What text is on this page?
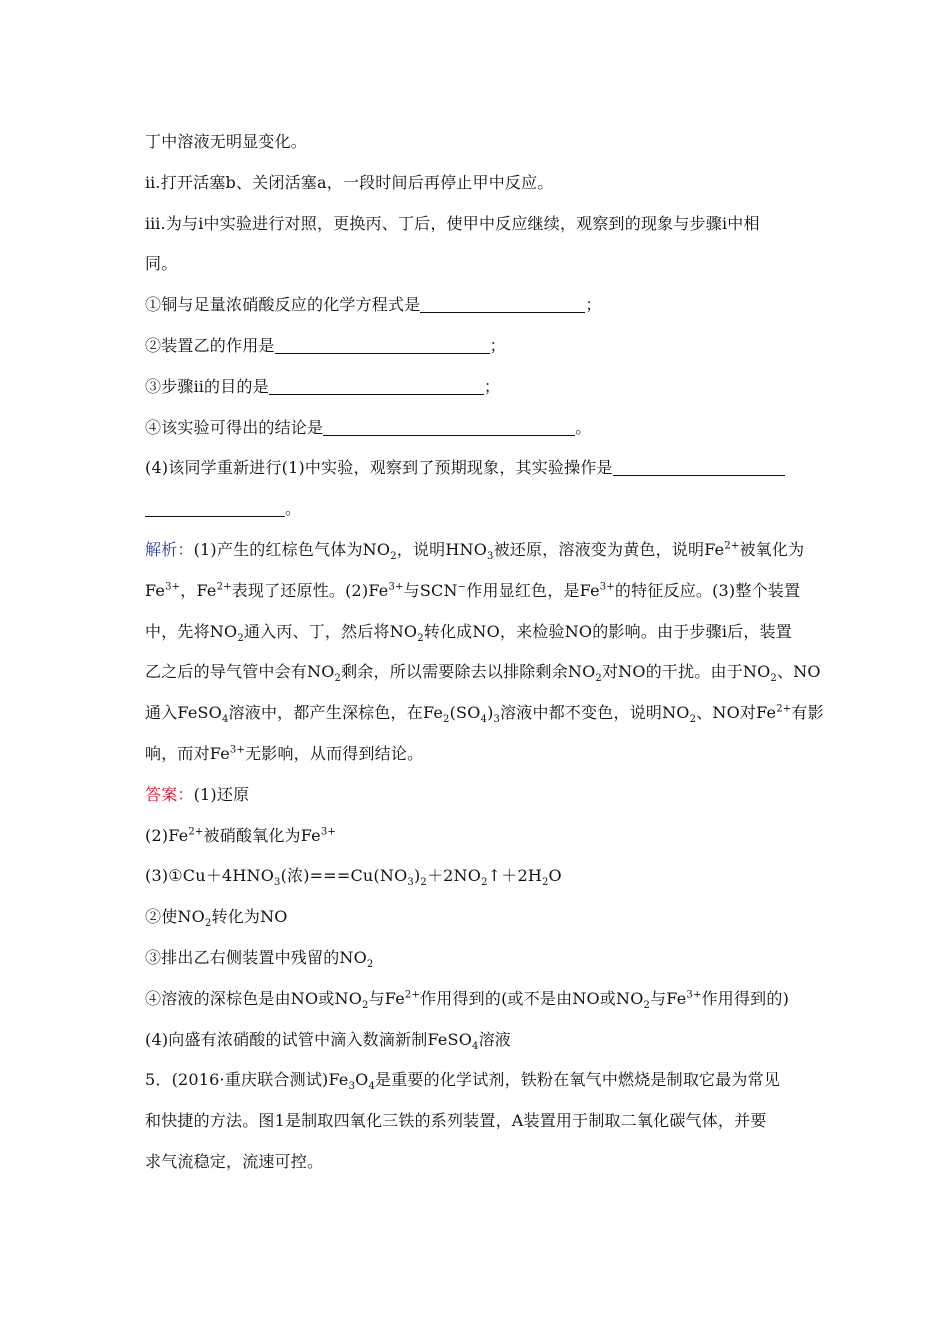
丁中溶液无明显变化。
ⅱ.打开活塞b、关闭活塞a，一段时间后再停止甲中反应。
ⅲ.为与ⅰ中实验进行对照，更换丙、丁后，使甲中反应继续，观察到的现象与步骤ⅰ中相
同。
①铜与足量浓硝酸反应的化学方程式是	；
②装置乙的作用是	；
③步骤ⅱ的目的是	；
④该实验可得出的结论是	。
(4)该同学重新进行(1)中实验，观察到了预期现象，其实验操作是
。
解析：(1)产生的红棕色气体为$NO_2$，说明$HNO_3$被还原，溶液变为黄色，说明$Fe^{2+}$被氧化为
$Fe^{3+}$，$Fe^{2+}$表现了还原性。$(2)Fe^{3+}$与SCN−作用显红色，是$Fe^{3+}$的特征反应。(3)整个装置
中，先将$NO_2$通入丙、丁，然后将$NO_2$转化成NO，来检验NO的影响。由于步骤ⅰ后，装置
乙之后的导气管中会有$NO_2$剩余，所以需要除去以排除剩余$NO_2$对NO的干扰。由于$NO_2$、NO
通入FeSO$_4$溶液中，都产生深棕色，在$Fe_2(SO_4)_3$溶液中都不变色，说明$NO_2$、NO对$Fe^{2+}$有影
响，而对$Fe^{3+}$无影响，从而得到结论。
答案：(1)还原
$(2)Fe^{2+}$被硝酸氧化为$Fe^{3+}$
$(3)①Cu+4HNO_3$(浓)$===Cu(NO_3)_2+2NO_2↑+2H_2O$
②使$NO_2$转化为NO
③排出乙右侧装置中残留的$NO_2$
④溶液的深棕色是由NO或$NO_2$与$Fe^{2+}$作用得到的(或不是由NO或$NO_2$与$Fe^{3+}$作用得到的)
(4)向盛有浓硝酸的试管中滴入数滴新制FeSO$_4$溶液
5．(2016·重庆联合测试)$Fe_3O_4$是重要的化学试剂，铁粉在氧气中燃烧是制取它最为常见
和快捷的方法。图1是制取四氧化三铁的系列装置，A装置用于制取二氧化碳气体，并要
求气流稳定，流速可控。
